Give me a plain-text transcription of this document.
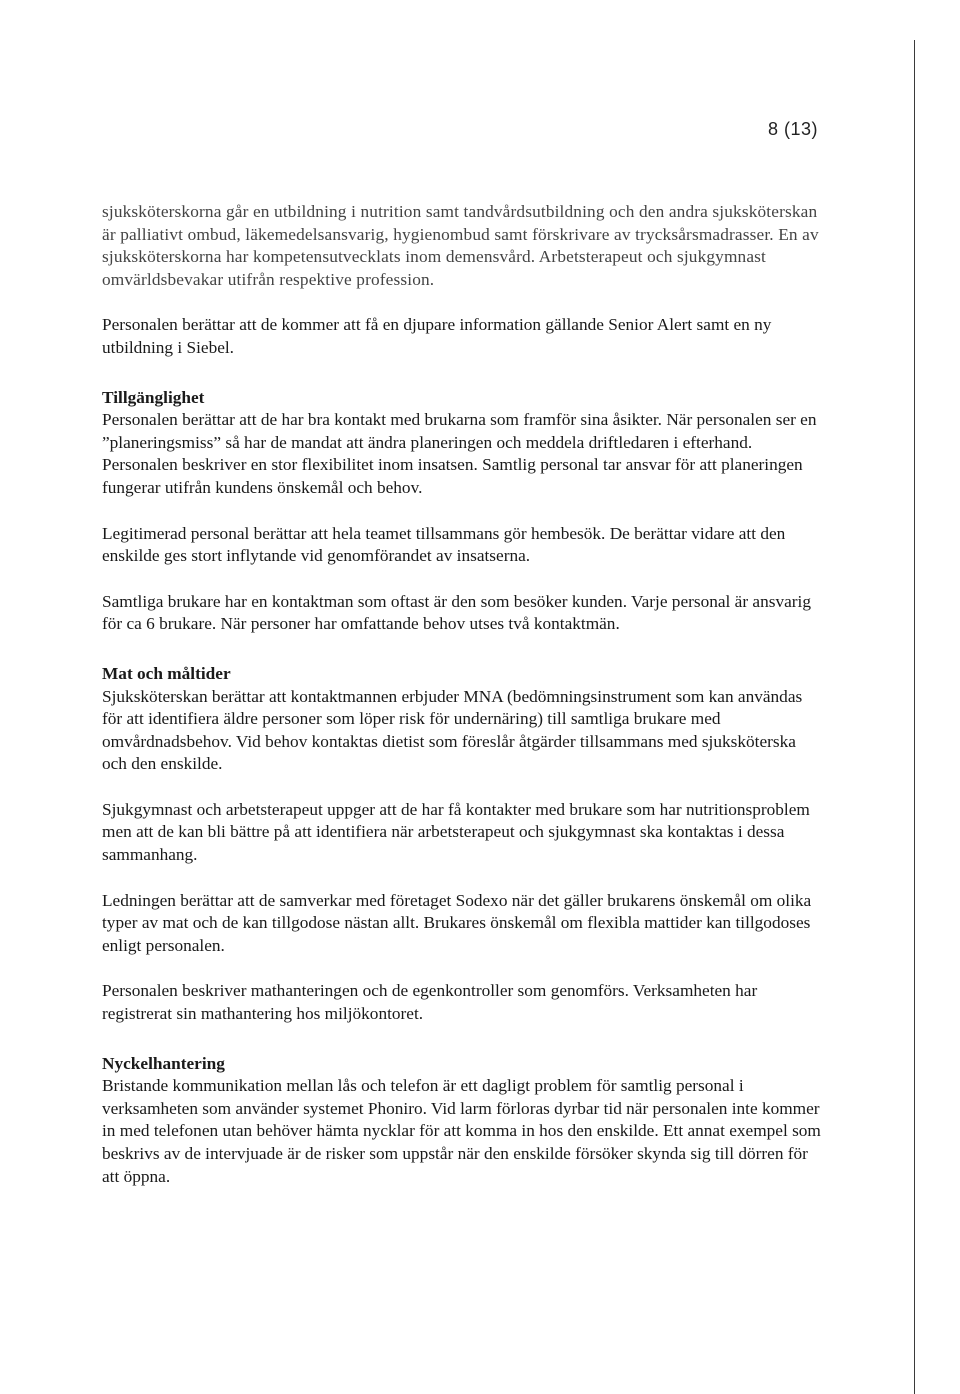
8 (13)

sjuksköterskorna går en utbildning i nutrition samt tandvårdsutbildning och den andra sjuksköterskan är palliativt ombud, läkemedelsansvarig, hygienombud samt förskrivare av trycksårsmadrasser. En av sjuksköterskorna har kompetensutvecklats inom demensvård. Arbetsterapeut och sjukgymnast omvärldsbevakar utifrån respektive profession.

Personalen berättar att de kommer att få en djupare information gällande Senior Alert samt en ny utbildning i Siebel.

Tillgänglighet

Personalen berättar att de har bra kontakt med brukarna som framför sina åsikter. När personalen ser en ”planeringsmiss” så har de mandat att ändra planeringen och meddela driftledaren i efterhand. Personalen beskriver en stor flexibilitet inom insatsen. Samtlig personal tar ansvar för att planeringen fungerar utifrån kundens önskemål och behov.

Legitimerad personal berättar att hela teamet tillsammans gör hembesök. De berättar vidare att den enskilde ges stort inflytande vid genomförandet av insatserna.

Samtliga brukare har en kontaktman som oftast är den som besöker kunden. Varje personal är ansvarig för ca 6 brukare. När personer har omfattande behov utses två kontaktmän.

Mat och måltider

Sjuksköterskan berättar att kontaktmannen erbjuder MNA (bedömningsinstrument som kan användas för att identifiera äldre personer som löper risk för undernäring) till samtliga brukare med omvårdnadsbehov. Vid behov kontaktas dietist som föreslår åtgärder tillsammans med sjuksköterska och den enskilde.

Sjukgymnast och arbetsterapeut uppger att de har få kontakter med brukare som har nutritionsproblem men att de kan bli bättre på att identifiera när arbetsterapeut och sjukgymnast ska kontaktas i dessa sammanhang.

Ledningen berättar att de samverkar med företaget Sodexo när det gäller brukarens önskemål om olika typer av mat och de kan tillgodose nästan allt. Brukares önskemål om flexibla mattider kan tillgodoses enligt personalen.

Personalen beskriver mathanteringen och de egenkontroller som genomförs. Verksamheten har registrerat sin mathantering hos miljökontoret.

Nyckelhantering

Bristande kommunikation mellan lås och telefon är ett dagligt problem för samtlig personal i verksamheten som använder systemet Phoniro. Vid larm förloras dyrbar tid när personalen inte kommer in med telefonen utan behöver hämta nycklar för att komma in hos den enskilde. Ett annat exempel som beskrivs av de intervjuade är de risker som uppstår när den enskilde försöker skynda sig till dörren för att öppna.
